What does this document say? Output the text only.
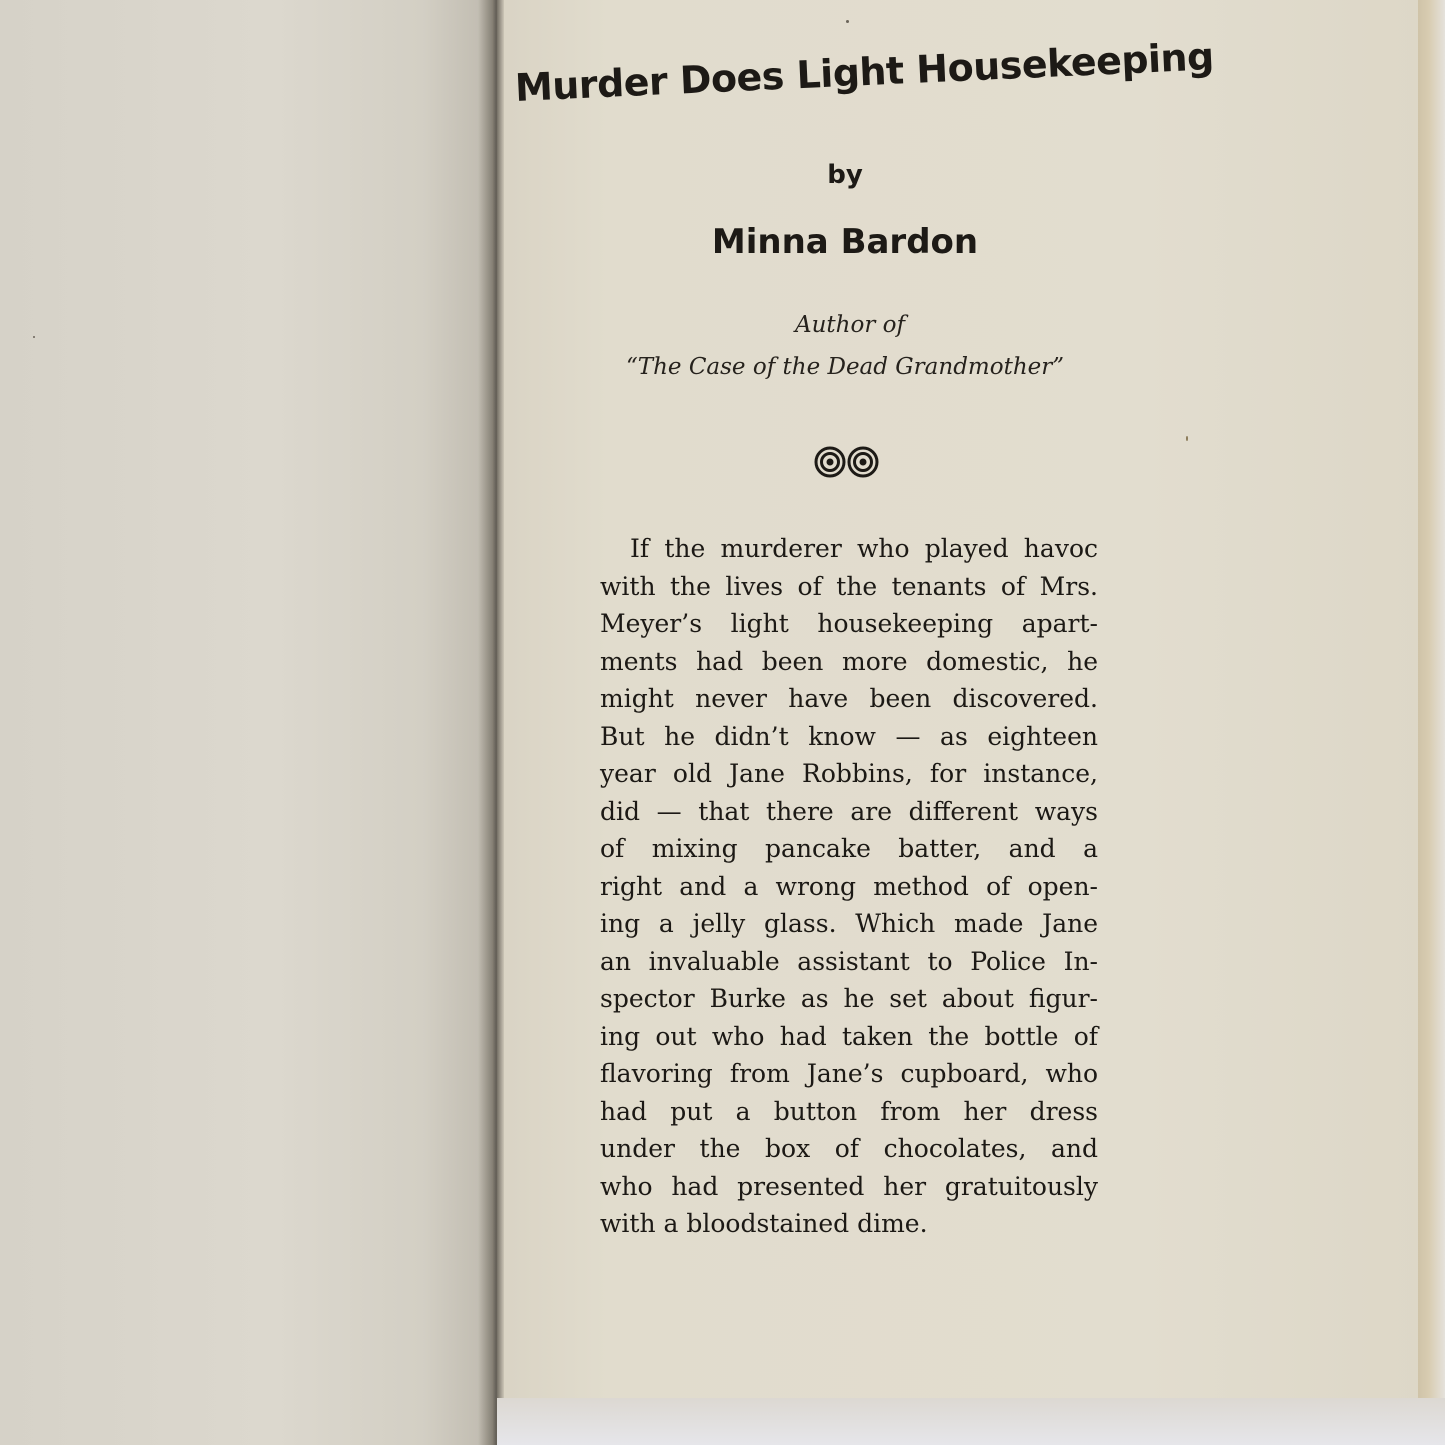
Murder Does Light Housekeeping
by
Minna Bardon
Author of
“The Case of the Dead Grandmother”
If the murderer who played havoc
with the lives of the tenants of Mrs.
Meyer’s light housekeeping apart-
ments had been more domestic, he
might never have been discovered.
But he didn’t know — as eighteen
year old Jane Robbins, for instance,
did — that there are different ways
of mixing pancake batter, and a
right and a wrong method of open-
ing a jelly glass. Which made Jane
an invaluable assistant to Police In-
spector Burke as he set about figur-
ing out who had taken the bottle of
flavoring from Jane’s cupboard, who
had put a button from her dress
under the box of chocolates, and
who had presented her gratuitously
with a bloodstained dime.
